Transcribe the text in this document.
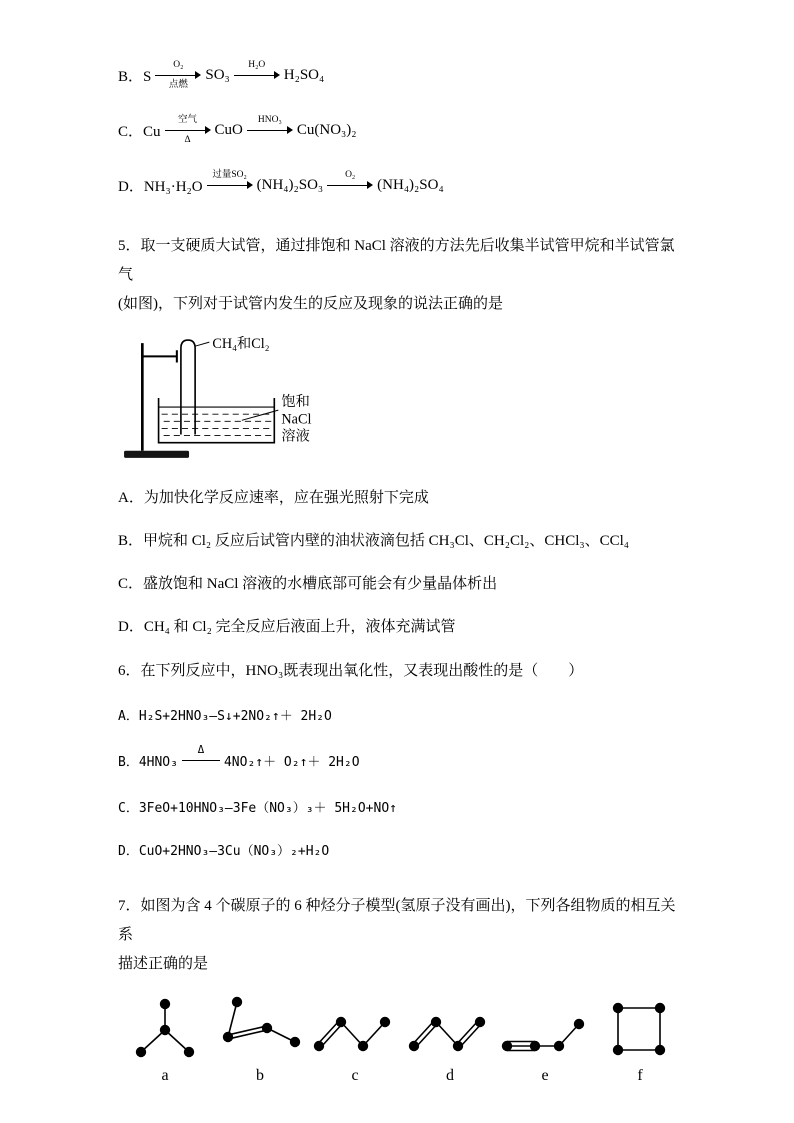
B．S
O₂
点燃
SO₃
H₂O
H₂SO₄
C．Cu
空气
Δ
CuO
HNO₃
Cu(NO₃)₂
D．NH₃·H₂O
过量SO₂
(NH₄)₂SO₃
O₂
(NH₄)₂SO₄

5．取一支硬质大试管，通过排饱和 NaCl 溶液的方法先后收集半试管甲烷和半试管氯气
(如图)，下列对于试管内发生的反应及现象的说法正确的是

CH₄和Cl₂
饱和
NaCl
溶液
A．为加快化学反应速率，应在强光照射下完成
B．甲烷和 Cl₂ 反应后试管内壁的油状液滴包括 CH₃Cl、CH₂Cl₂、CHCl₃、CCl₄
C．盛放饱和 NaCl 溶液的水槽底部可能会有少量晶体析出
D．CH₄ 和 Cl₂ 完全反应后液面上升，液体充满试管

6．在下列反应中，HNO₃既表现出氧化性，又表现出酸性的是（　　）

A．H₂S+2HNO₃—S↓+2NO₂↑＋ 2H₂O
B．4HNO₃
Δ
4NO₂↑＋ O₂↑＋ 2H₂O
C．3FeO+10HNO₃—3Fe（NO₃）₃＋ 5H₂O+NO↑
D．CuO+2HNO₃—3Cu（NO₃）₂+H₂O

7．如图为含 4 个碳原子的 6 种烃分子模型(氢原子没有画出)，下列各组物质的相互关系
描述正确的是

a	b	c	d	e	f
